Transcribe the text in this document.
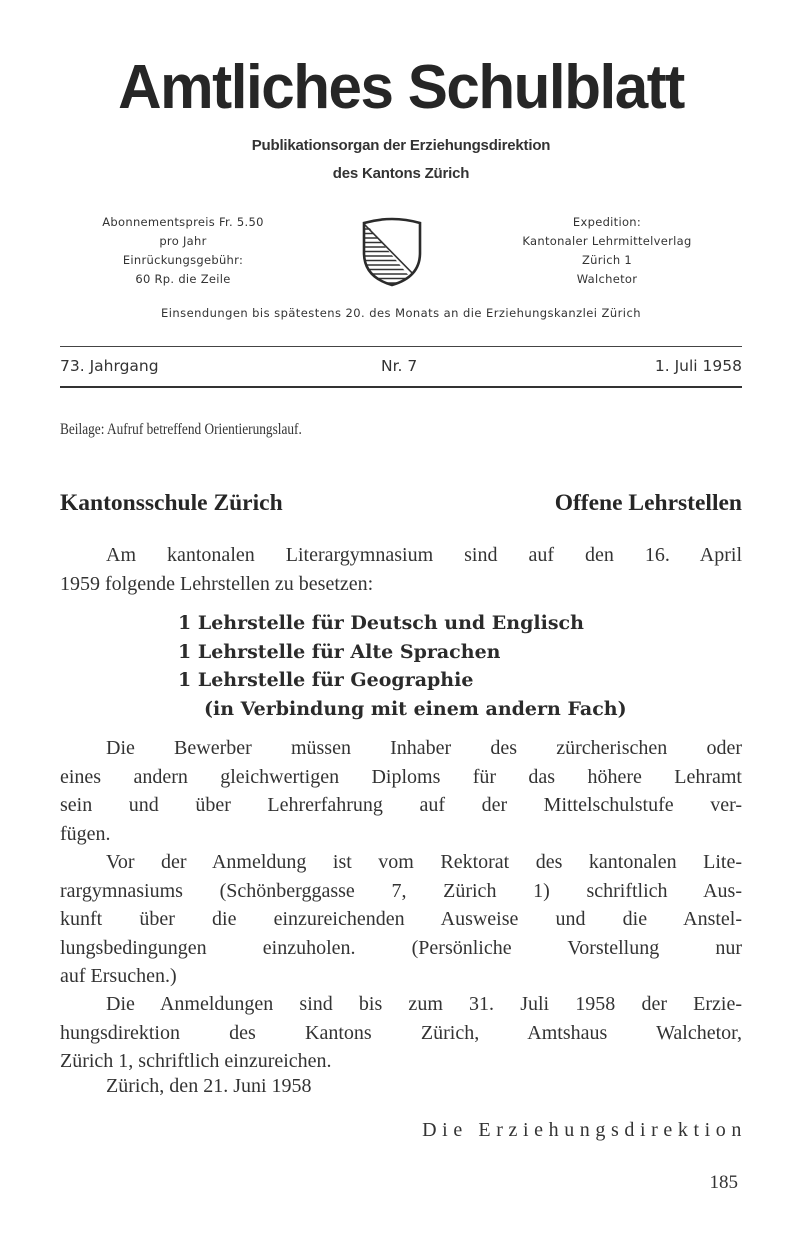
Amtliches Schulblatt
Publikationsorgan der Erziehungsdirektion
des Kantons Zürich
Abonnementspreis Fr. 5.50
pro Jahr
Einrückungsgebühr:
60 Rp. die Zeile
Expedition:
Kantonaler Lehrmittelverlag
Zürich 1
Walchetor
Einsendungen bis spätestens 20. des Monats an die Erziehungskanzlei Zürich
73. Jahrgang	Nr. 7	1. Juli 1958
Beilage: Aufruf betreffend Orientierungslauf.
Kantonsschule Zürich	Offene Lehrstellen

Am kantonalen Literargymnasium sind auf den 16. April

1959 folgende Lehrstellen zu besetzen:
1 Lehrstelle für Deutsch und Englisch
1 Lehrstelle für Alte Sprachen
1 Lehrstelle für Geographie
(in Verbindung mit einem andern Fach)
Die Bewerber müssen Inhaber des zürcherischen oder
eines andern gleichwertigen Diploms für das höhere Lehramt
sein und über Lehrerfahrung auf der Mittelschulstufe ver-
fügen.
Vor der Anmeldung ist vom Rektorat des kantonalen Lite-
rargymnasiums (Schönberggasse 7, Zürich 1) schriftlich Aus-
kunft über die einzureichenden Ausweise und die Anstel-
lungsbedingungen einzuholen. (Persönliche Vorstellung nur
auf Ersuchen.)
Die Anmeldungen sind bis zum 31. Juli 1958 der Erzie-
hungsdirektion des Kantons Zürich, Amtshaus Walchetor,
Zürich 1, schriftlich einzureichen.
Zürich, den 21. Juni 1958
Die Erziehungsdirektion
185
